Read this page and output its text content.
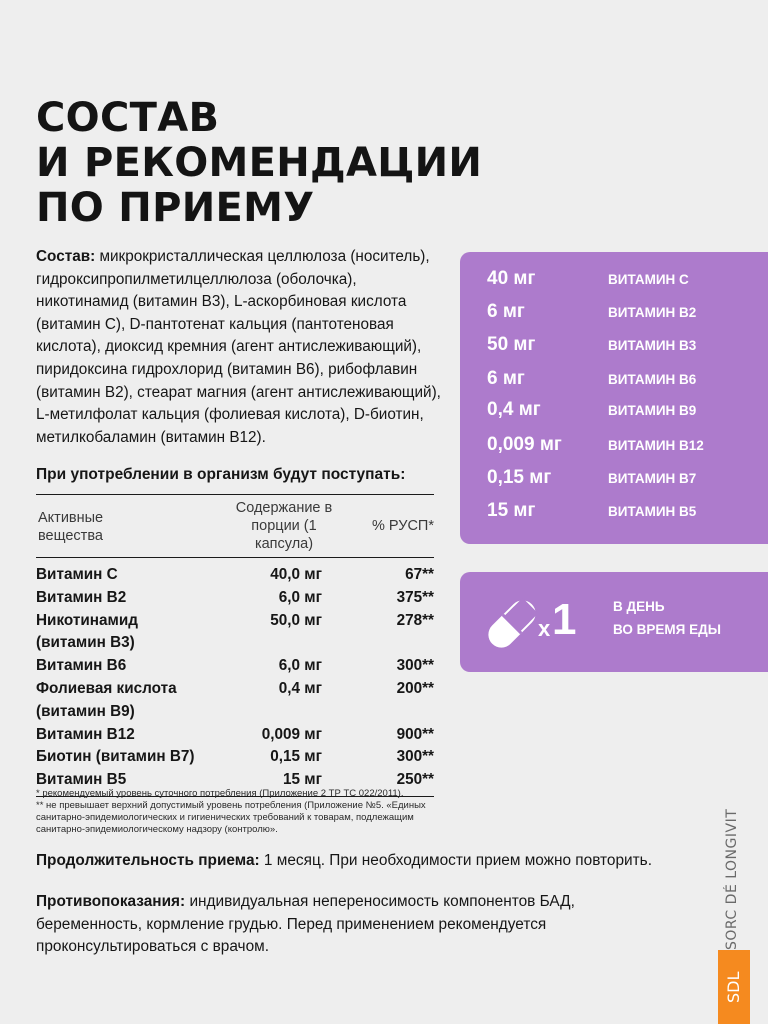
СОСТАВ
И РЕКОМЕНДАЦИИ
ПО ПРИЕМУ

Состав: микрокристаллическая целлюлоза (носитель), гидроксипропилметилцеллюлоза (оболочка), никотинамид (витамин В3), L-аскорбиновая кислота (витамин С), D-пантотенат кальция (пантотеновая кислота), диоксид кремния (агент антислеживающий), пиридоксина гидрохлорид (витамин В6), рибофлавин (витамин В2), стеарат магния (агент антислеживающий), L-метилфолат кальция (фолиевая кислота), D-биотин, метилкобаламин (витамин В12).

При употреблении в организм будут поступать:

Активные вещества
Содержание в порции (1 капсула)
% РУСП*
Витамин С	40,0 мг	67**
Витамин В2	6,0 мг	375**
Никотинамид
(витамин В3)
50,0 мг	278**
Витамин В6	6,0 мг	300**
Фолиевая кислота
(витамин В9)
0,4 мг	200**
Витамин В12	0,009 мг	900**
Биотин (витамин В7)	0,15 мг	300**
Витамин В5	15 мг	250**

* рекомендуемый уровень суточного потребления (Приложение 2 ТР ТС 022/2011).

** не превышает верхний допустимый уровень потребления (Приложение №5. «Единых санитарно-эпидемиологических и гигиенических требований к товарам, подлежащим санитарно-эпидемиологическому надзору (контролю».

Продолжительность приема: 1 месяц. При необходимости прием можно повторить.

Противопоказания: индивидуальная непереносимость компонентов БАД, беременность, кормление грудью. Перед применением рекомендуется проконсультироваться с врачом.

40 мг	ВИТАМИН С
6 мг	ВИТАМИН В2
50 мг	ВИТАМИН В3
6 мг	ВИТАМИН В6
0,4 мг	ВИТАМИН В9
0,009 мг	ВИТАМИН В12
0,15 мг	ВИТАМИН В7
15 мг	ВИТАМИН В5
x 1	В ДЕНЬ
ВО ВРЕМЯ ЕДЫ
SORC DÉ LONGIVIT
SDL
